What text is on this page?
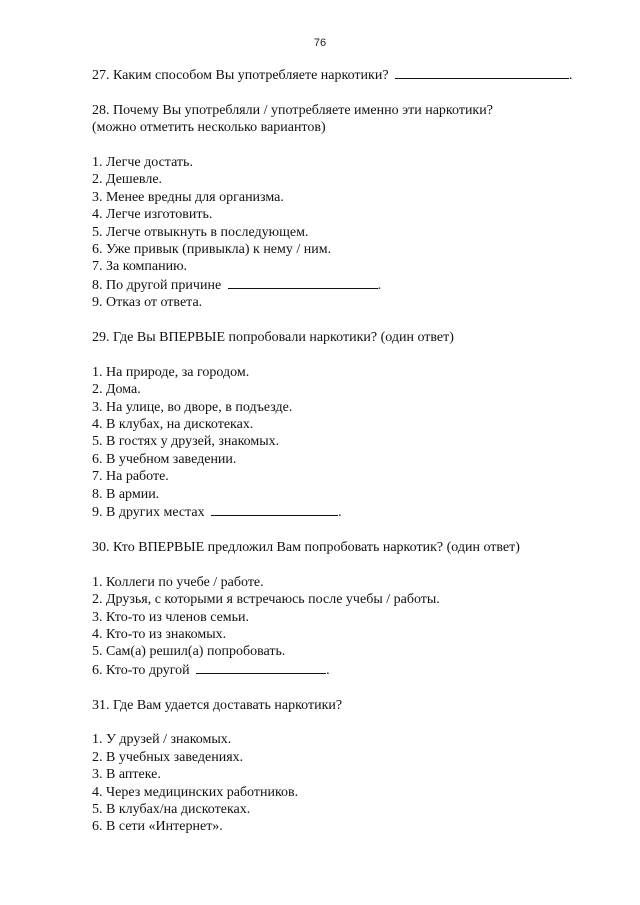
76
27. Каким способом Вы употребляете наркотики?	.
28. Почему Вы употребляли / употребляете именно эти наркотики?
(можно отметить несколько вариантов)
1. Легче достать.
2. Дешевле.
3. Менее вредны для организма.
4. Легче изготовить.
5. Легче отвыкнуть в последующем.
6. Уже привык (привыкла) к нему / ним.
7. За компанию.
8. По другой причине	.
9. Отказ от ответа.
29. Где Вы ВПЕРВЫЕ попробовали наркотики? (один ответ)
1. На природе, за городом.
2. Дома.
3. На улице, во дворе, в подъезде.
4. В клубах, на дискотеках.
5. В гостях у друзей, знакомых.
6. В учебном заведении.
7. На работе.
8. В армии.
9. В других местах	.
30. Кто ВПЕРВЫЕ предложил Вам попробовать наркотик? (один ответ)
1. Коллеги по учебе / работе.
2. Друзья, с которыми я встречаюсь после учебы / работы.
3. Кто-то из членов семьи.
4. Кто-то из знакомых.
5. Сам(а) решил(а) попробовать.
6. Кто-то другой	.
31. Где Вам удается доставать наркотики?
1. У друзей / знакомых.
2. В учебных заведениях.
3. В аптеке.
4. Через медицинских работников.
5. В клубах/на дискотеках.
6. В сети «Интернет».
